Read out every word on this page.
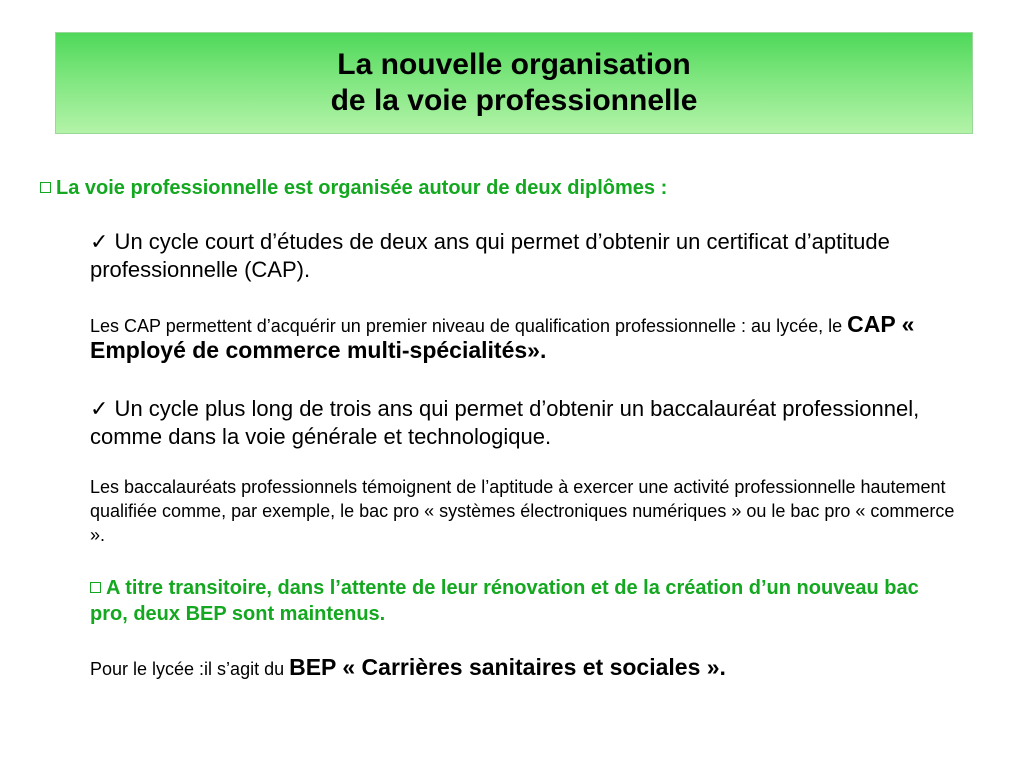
La nouvelle organisation
de la voie professionnelle
La voie professionnelle est organisée autour de deux diplômes :
✓ Un cycle court d’études de deux ans qui permet d’obtenir un certificat d’aptitude professionnelle (CAP).
Les CAP permettent d’acquérir un premier niveau de qualification professionnelle : au lycée, le CAP « Employé de commerce multi-spécialités».
✓ Un cycle plus long de trois ans qui permet d’obtenir un baccalauréat professionnel, comme dans la voie générale et technologique.
Les baccalauréats professionnels témoignent de l’aptitude à exercer une activité professionnelle hautement qualifiée comme, par exemple, le bac pro « systèmes électroniques numériques » ou le bac pro « commerce ».
A titre transitoire, dans l’attente de leur rénovation et de la création d’un nouveau bac pro, deux BEP sont maintenus.
Pour le lycée :il s’agit du BEP « Carrières sanitaires et sociales ».
